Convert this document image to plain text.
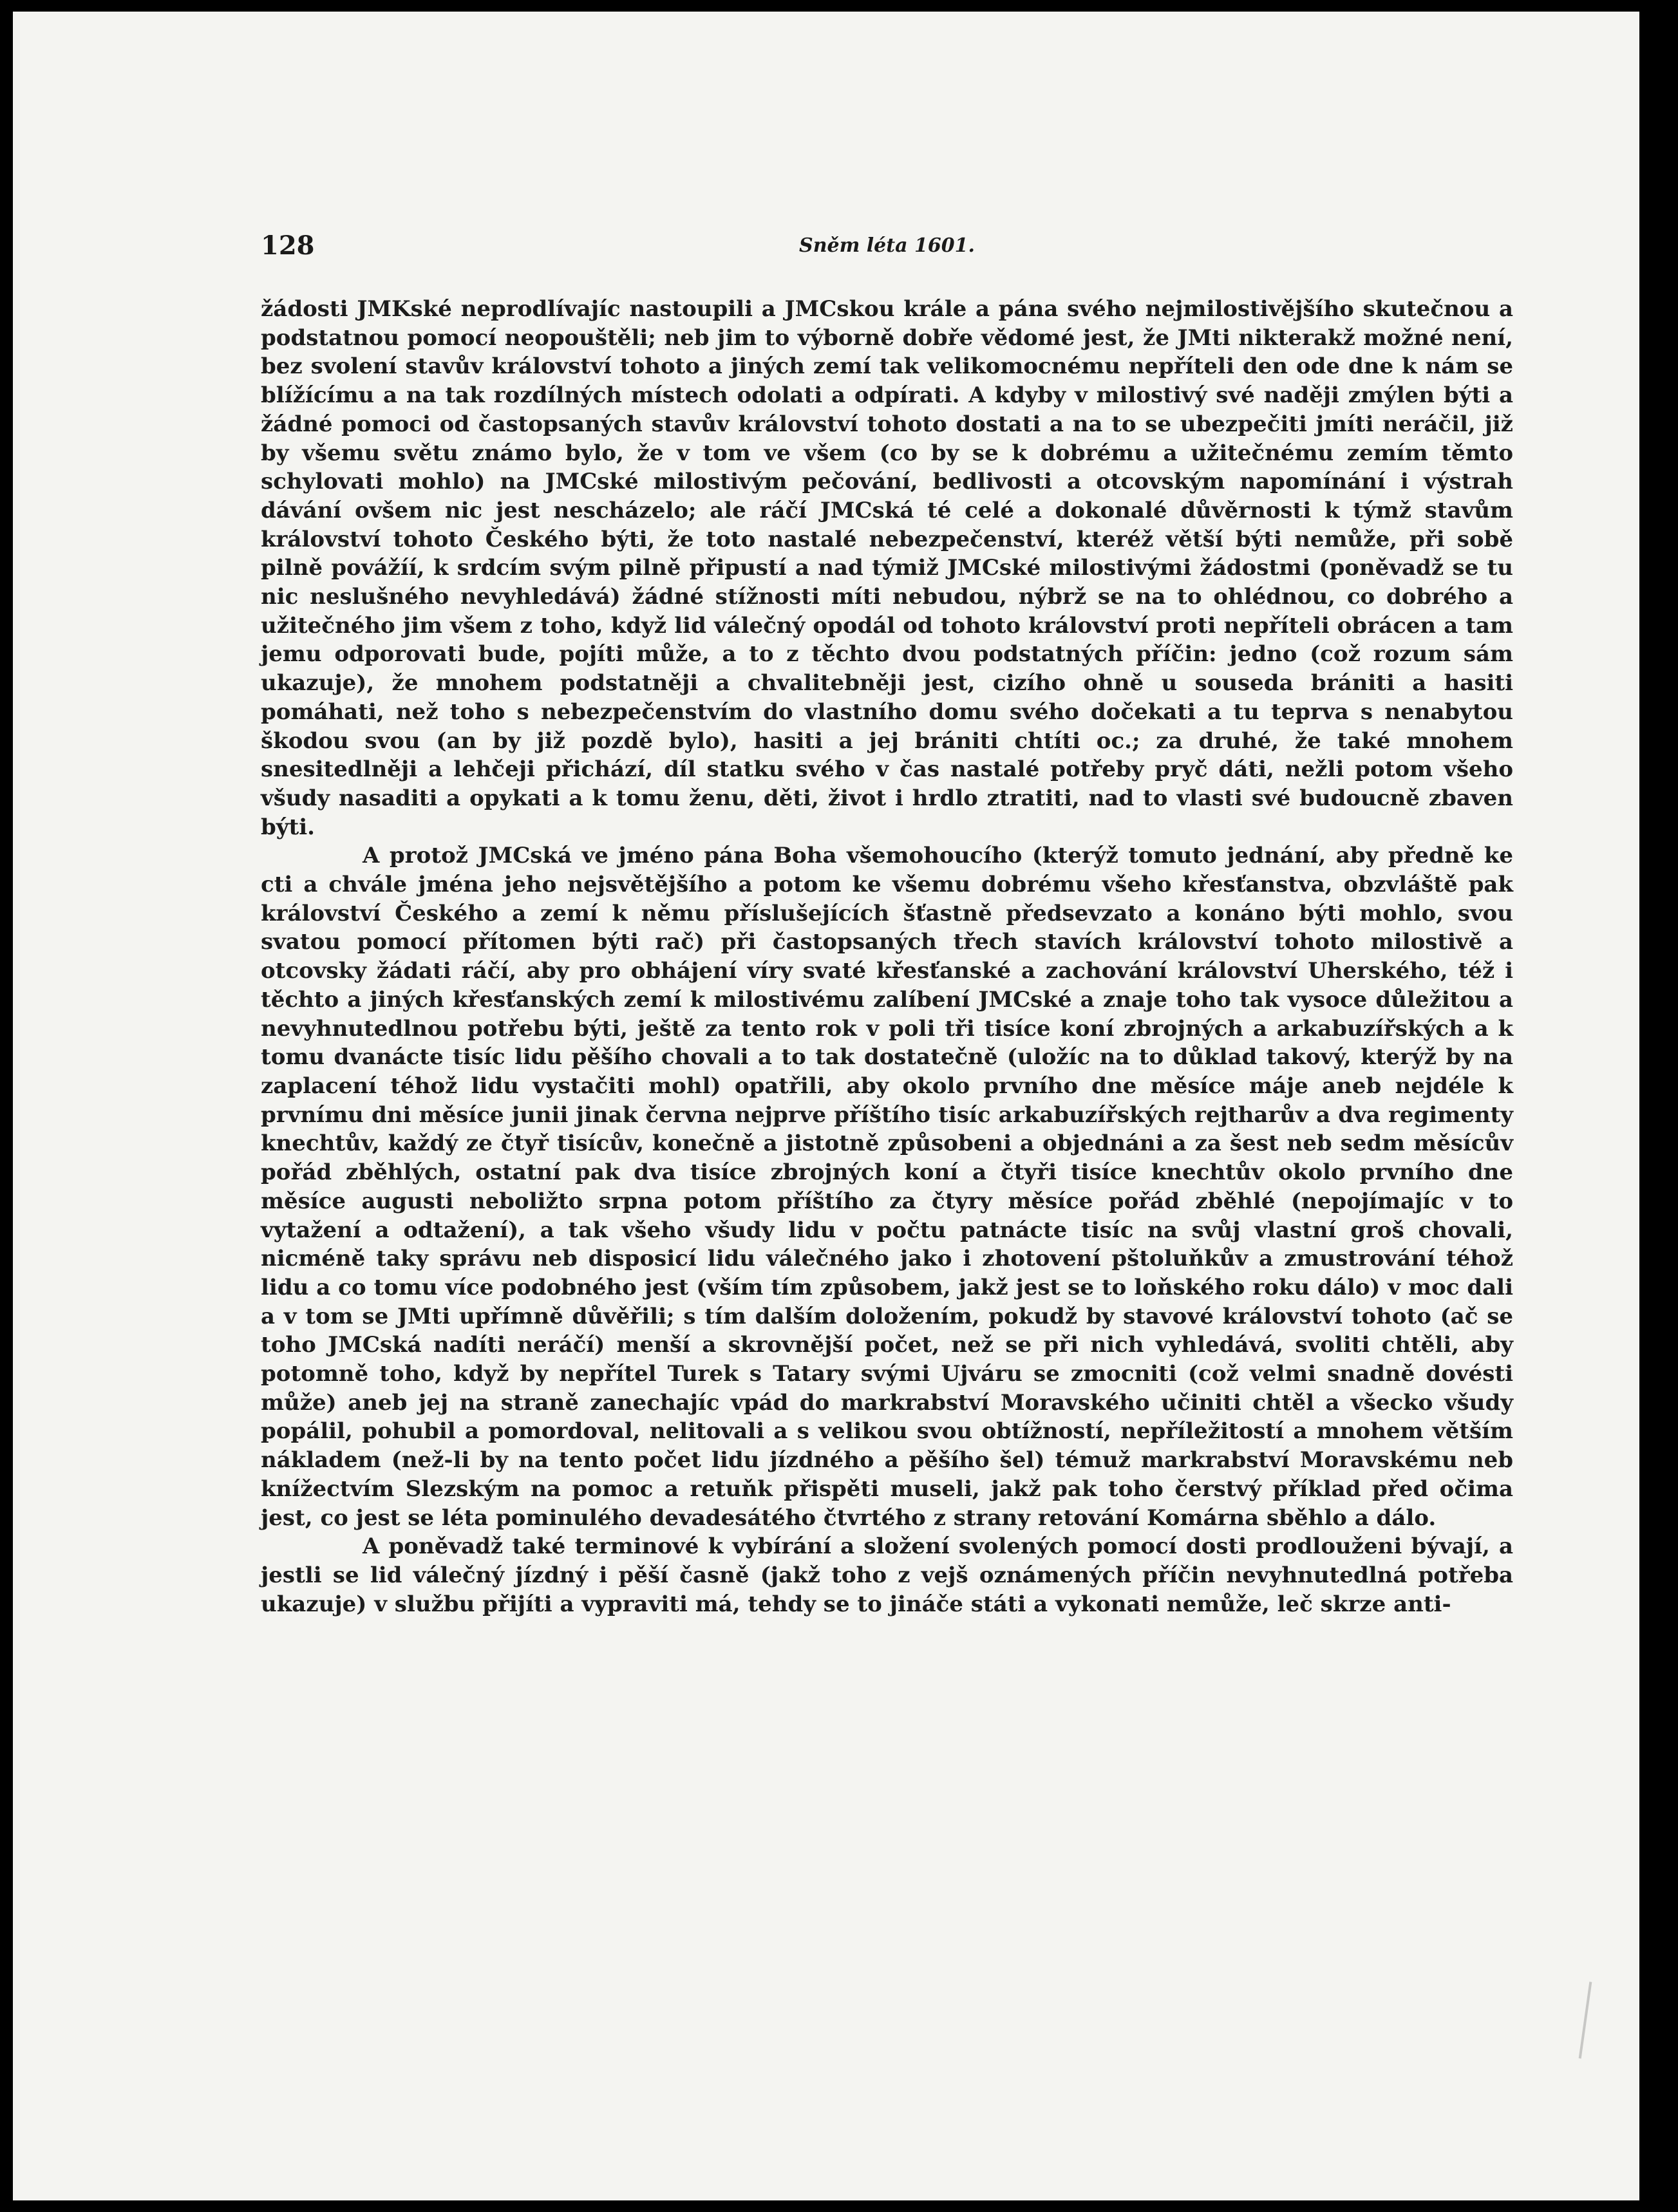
128	Sněm léta 1601.

žádosti JMKské neprodlívajíc nastoupili a JMCskou krále a pána svého nejmilostivějšího skutečnou a podstatnou pomocí neopouštěli; neb jim to výborně dobře vědomé jest, že JMti nikterakž možné není, bez svolení stavův království tohoto a jiných zemí tak velikomocnému nepříteli den ode dne k nám se blížícímu a na tak rozdílných místech odolati a odpírati. A kdyby v milostivý své naději zmýlen býti a žádné pomoci od častopsaných stavův království tohoto dostati a na to se ubezpečiti jmíti neráčil, již by všemu světu známo bylo, že v tom ve všem (co by se k dobrému a užitečnému zemím těmto schylovati mohlo) na JMCské milostivým pečování, bedlivosti a otcovským napomínání i výstrah dávání ovšem nic jest nescházelo; ale ráčí JMCská té celé a dokonalé důvěrnosti k týmž stavům království tohoto Českého býti, že toto nastalé nebezpečenství, kteréž větší býti nemůže, při sobě pilně povážíí, k srdcím svým pilně připustí a nad týmiž JMCské milostivými žádostmi (poněvadž se tu nic neslušného nevyhledává) žádné stížnosti míti nebudou, nýbrž se na to ohlédnou, co dobrého a užitečného jim všem z toho, když lid válečný opodál od tohoto království proti nepříteli obrácen a tam jemu odporovati bude, pojíti může, a to z těchto dvou podstatných příčin: jedno (což rozum sám ukazuje), že mnohem podstatněji a chvalitebněji jest, cizího ohně u souseda brániti a hasiti pomáhati, než toho s nebezpečenstvím do vlastního domu svého dočekati a tu teprva s nenabytou škodou svou (an by již pozdě bylo), hasiti a jej brániti chtíti oc.; za druhé, že také mnohem snesitedlněji a lehčeji přichází, díl statku svého v čas nastalé potřeby pryč dáti, nežli potom všeho všudy nasaditi a opykati a k tomu ženu, děti, život i hrdlo ztratiti, nad to vlasti své budoucně zbaven býti.

A protož JMCská ve jméno pána Boha všemohoucího (kterýž tomuto jednání, aby předně ke cti a chvále jména jeho nejsvětějšího a potom ke všemu dobrému všeho křesťanstva, obzvláště pak království Českého a zemí k němu příslušejících šťastně předsevzato a konáno býti mohlo, svou svatou pomocí přítomen býti rač) při častopsaných třech stavích království tohoto milostivě a otcovsky žádati ráčí, aby pro obhájení víry svaté křesťanské a zachování království Uherského, též i těchto a jiných křesťanských zemí k milostivému zalíbení JMCské a znaje toho tak vysoce důležitou a nevyhnutedlnou potřebu býti, ještě za tento rok v poli tři tisíce koní zbrojných a arkabuzířských a k tomu dvanácte tisíc lidu pěšího chovali a to tak dostatečně (uložíc na to důklad takový, kterýž by na zaplacení téhož lidu vystačiti mohl) opatřili, aby okolo prvního dne měsíce máje aneb nejdéle k prvnímu dni měsíce junii jinak června nejprve příštího tisíc arkabuzířských rejtharův a dva regimenty knechtův, každý ze čtyř tisícův, konečně a jistotně způsobeni a objednáni a za šest neb sedm měsícův pořád zběhlých, ostatní pak dva tisíce zbrojných koní a čtyři tisíce knechtův okolo prvního dne měsíce augusti neboližto srpna potom příštího za čtyry měsíce pořád zběhlé (nepojímajíc v to vytažení a odtažení), a tak všeho všudy lidu v počtu patnácte tisíc na svůj vlastní groš chovali, nicméně taky správu neb disposicí lidu válečného jako i zhotovení pštoluňkův a zmustrování téhož lidu a co tomu více podobného jest (vším tím způsobem, jakž jest se to loňského roku dálo) v moc dali a v tom se JMti upřímně důvěřili; s tím dalším doložením, pokudž by stavové království tohoto (ač se toho JMCská nadíti neráčí) menší a skrovnější počet, než se při nich vyhledává, svoliti chtěli, aby potomně toho, když by nepřítel Turek s Tatary svými Ujváru se zmocniti (což velmi snadně dovésti může) aneb jej na straně zanechajíc vpád do markrabství Moravského učiniti chtěl a všecko všudy popálil, pohubil a pomordoval, nelitovali a s velikou svou obtížností, nepříležitostí a mnohem větším nákladem (než-li by na tento počet lidu jízdného a pěšího šel) témuž markrabství Moravskému neb knížectvím Slezským na pomoc a retuňk přispěti museli, jakž pak toho čerstvý příklad před očima jest, co jest se léta pominulého devadesátého čtvrtého z strany retování Komárna sběhlo a dálo.

A poněvadž také terminové k vybírání a složení svolených pomocí dosti prodlouženi bývají, a jestli se lid válečný jízdný i pěší časně (jakž toho z vejš oznámených příčin nevyhnutedlná potřeba ukazuje) v službu přijíti a vypraviti má, tehdy se to jináče státi a vykonati nemůže, leč skrze anti-
